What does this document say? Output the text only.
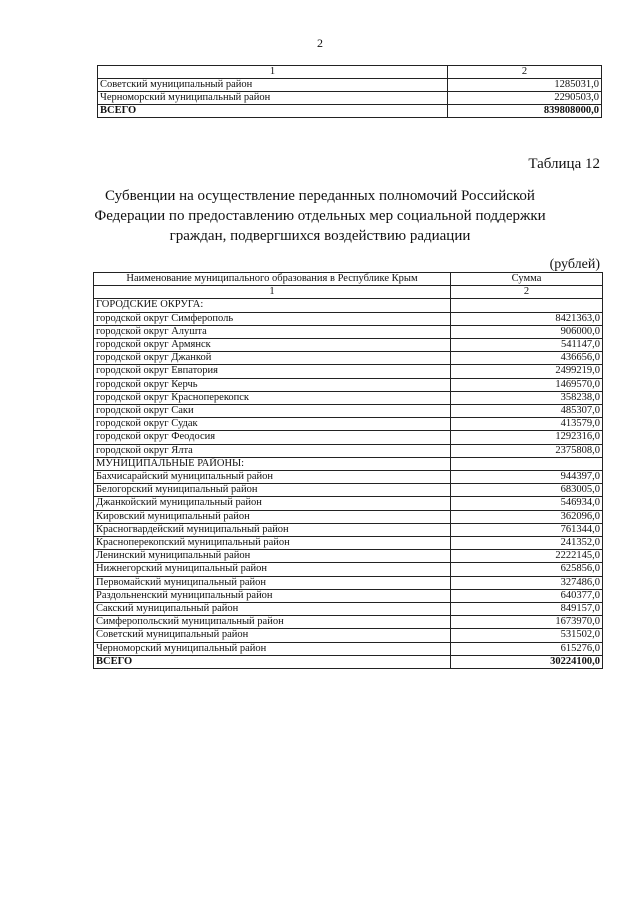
2
1	2
Советский муниципальный район	1285031,0
Черноморский муниципальный район	2290503,0
ВСЕГО	839808000,0
Таблица 12
Субвенции на осуществление переданных полномочий Российской Федерации по предоставлению отдельных мер социальной поддержки граждан, подвергшихся воздействию радиации
(рублей)
Наименование муниципального образования в Республике Крым	Сумма
1	2
ГОРОДСКИЕ ОКРУГА:	
городской округ Симферополь	8421363,0
городской округ Алушта	906000,0
городской округ Армянск	541147,0
городской округ Джанкой	436656,0
городской округ Евпатория	2499219,0
городской округ Керчь	1469570,0
городской округ Красноперекопск	358238,0
городской округ Саки	485307,0
городской округ Судак	413579,0
городской округ Феодосия	1292316,0
городской округ Ялта	2375808,0
МУНИЦИПАЛЬНЫЕ РАЙОНЫ:	
Бахчисарайский муниципальный район	944397,0
Белогорский муниципальный район	683005,0
Джанкойский муниципальный район	546934,0
Кировский муниципальный район	362096,0
Красногвардейский муниципальный район	761344,0
Красноперекопский муниципальный район	241352,0
Ленинский муниципальный район	2222145,0
Нижнегорский муниципальный район	625856,0
Первомайский муниципальный район	327486,0
Раздольненский муниципальный район	640377,0
Сакский муниципальный район	849157,0
Симферопольский муниципальный район	1673970,0
Советский муниципальный район	531502,0
Черноморский муниципальный район	615276,0
ВСЕГО	30224100,0
